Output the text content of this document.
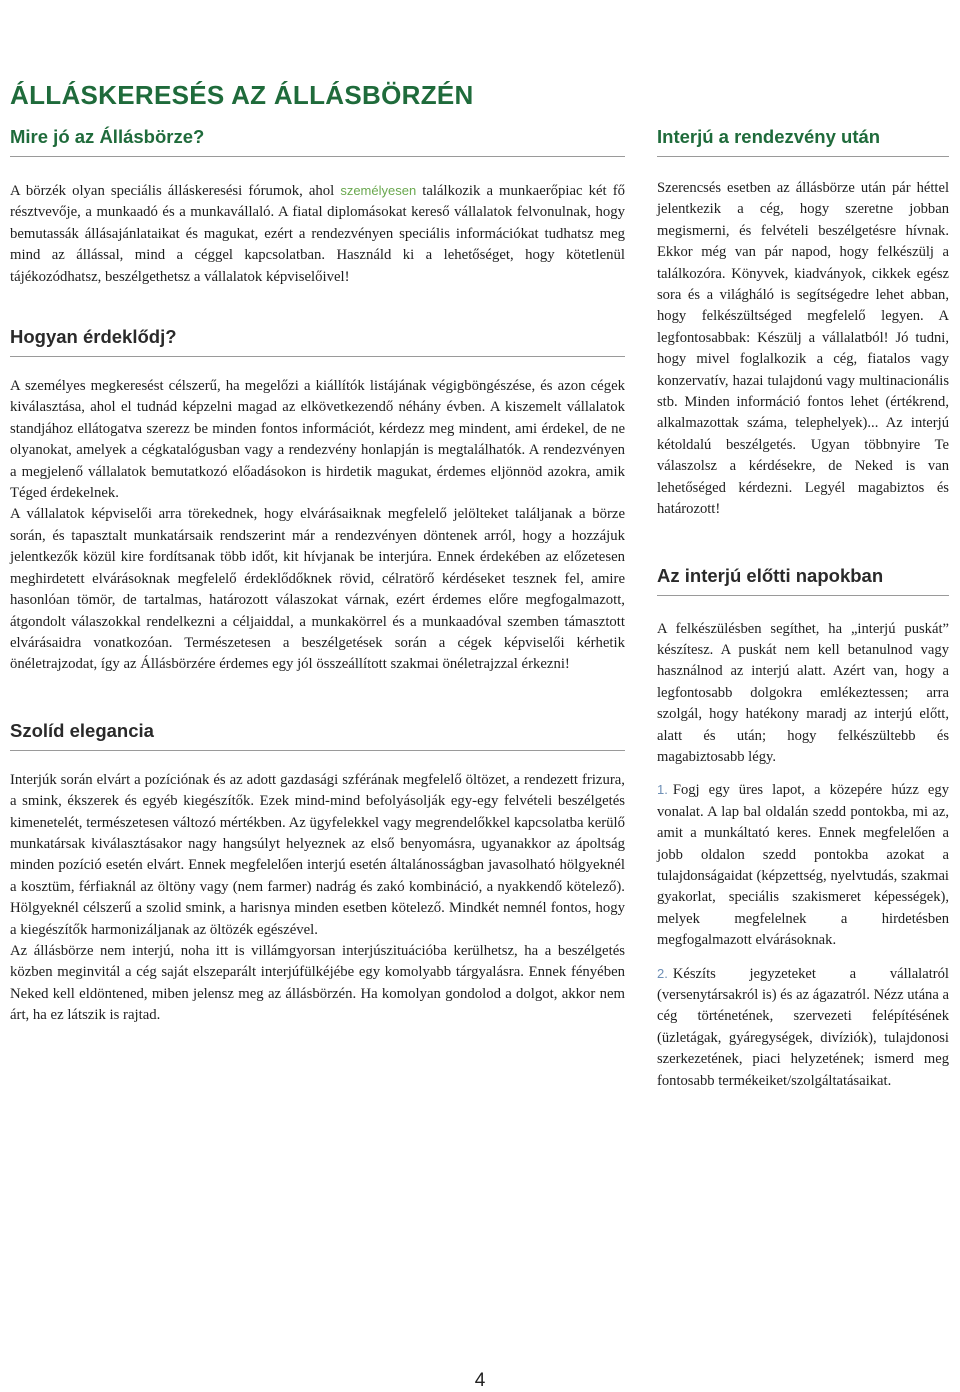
ÁLLÁSKERESÉS AZ ÁLLÁSBÖRZÉN
Mire jó az Állásbörze?

A börzék olyan speciális álláskeresési fórumok, ahol személyesen találkozik a munkaerőpiac két fő résztvevője, a munkaadó és a munkavállaló. A fiatal diplomásokat kereső vállalatok felvonulnak, hogy bemutassák állásajánlataikat és magukat, ezért a rendezvényen speciális információkat tudhatsz meg mind az állással, mind a céggel kapcsolatban. Használd ki a lehetőséget, hogy kötetlenül tájékozódhatsz, beszélgethetsz a vállalatok képviselőivel!

Hogyan érdeklődj?

A személyes megkeresést célszerű, ha megelőzi a kiállítók listájának végigböngészése, és azon cégek kiválasztása, ahol el tudnád képzelni magad az elkövetkezendő néhány évben. A kiszemelt vállalatok standjához ellátogatva szerezz be minden fontos információt, kérdezz meg mindent, ami érdekel, de ne olyanokat, amelyek a cégkatalógusban vagy a rendezvény honlapján is megtalálhatók. A rendezvényen a megjelenő vállalatok bemutatkozó előadásokon is hirdetik magukat, érdemes eljönnöd azokra, amik Téged érdekelnek.

A vállalatok képviselői arra törekednek, hogy elvárásaiknak megfelelő jelölteket találjanak a börze során, és tapasztalt munkatársaik rendszerint már a rendezvényen döntenek arról, hogy a hozzájuk jelentkezők közül kire fordítsanak több időt, kit hívjanak be interjúra. Ennek érdekében az előzetesen meghirdetett elvárásoknak megfelelő érdeklődőknek rövid, célratörő kérdéseket tesznek fel, amire hasonlóan tömör, de tartalmas, határozott válaszokat várnak, ezért érdemes előre megfogalmazott, átgondolt válaszokkal rendelkezni a céljaiddal, a munkakörrel és a munkaadóval szemben támasztott elvárásaidra vonatkozóan. Természetesen a beszélgetések során a cégek képviselői kérhetik önéletrajzodat, így az Állásbörzére érdemes egy jól összeállított szakmai önéletrajzzal érkezni!

Szolíd elegancia

Interjúk során elvárt a pozíciónak és az adott gazdasági szférának megfelelő öltözet, a rendezett frizura, a smink, ékszerek és egyéb kiegészítők. Ezek mind-mind befolyásolják egy-egy felvételi beszélgetés kimenetelét, természetesen változó mértékben. Az ügyfelekkel vagy megrendelőkkel kapcsolatba kerülő munkatársak kiválasztásakor nagy hangsúlyt helyeznek az első benyomásra, ugyanakkor az ápoltság minden pozíció esetén elvárt. Ennek megfelelően interjú esetén általánosságban javasolható hölgyeknél a kosztüm, férfiaknál az öltöny vagy (nem farmer) nadrág és zakó kombináció, a nyakkendő kötelező). Hölgyeknél célszerű a szolid smink, a harisnya minden esetben kötelező. Mindkét nemnél fontos, hogy a kiegészítők harmonizáljanak az öltözék egészével.

Az állásbörze nem interjú, noha itt is villámgyorsan interjúszituációba kerülhetsz, ha a beszélgetés közben meginvitál a cég saját elszeparált interjúfülkéjébe egy komolyabb tárgyalásra. Ennek fényében Neked kell eldöntened, miben jelensz meg az állásbörzén. Ha komolyan gondolod a dolgot, akkor nem árt, ha ez látszik is rajtad.

Interjú a rendezvény után

Szerencsés esetben az állásbörze után pár héttel jelentkezik a cég, hogy szeretne jobban megismerni, és felvételi beszélgetésre hívnak. Ekkor még van pár napod, hogy felkészülj a találkozóra. Könyvek, kiadványok, cikkek egész sora és a világháló is segítségedre lehet abban, hogy felkészültséged megfelelő legyen. A legfontosabbak: Készülj a vállalatból! Jó tudni, hogy mivel foglalkozik a cég, fiatalos vagy konzervatív, hazai tulajdonú vagy multinacionális stb. Minden információ fontos lehet (értékrend, alkalmazottak száma, telephelyek)... Az interjú kétoldalú beszélgetés. Ugyan többnyire Te válaszolsz a kérdésekre, de Neked is van lehetőséged kérdezni. Legyél magabiztos és határozott!

Az interjú előtti napokban

A felkészülésben segíthet, ha „interjú puskát” készítesz. A puskát nem kell betanulnod vagy használnod az interjú alatt. Azért van, hogy a legfontosabb dolgokra emlékeztessen; arra szolgál, hogy hatékony maradj az interjú előtt, alatt és után; hogy felkészültebb és magabiztosabb légy.

1. Fogj egy üres lapot, a közepére húzz egy vonalat. A lap bal oldalán szedd pontokba, mi az, amit a munkáltató keres. Ennek megfelelően a jobb oldalon szedd pontokba azokat a tulajdonságaidat (képzettség, nyelvtudás, szakmai gyakorlat, speciális szakismeret képességek), melyek megfelelnek a hirdetésben megfogalmazott elvárásoknak.

2. Készíts jegyzeteket a vállalatról (versenytársakról is) és az ágazatról. Nézz utána a cég történetének, szervezeti felépítésének (üzletágak, gyáregységek, divíziók), tulajdonosi szerkezetének, piaci helyzetének; ismerd meg fontosabb termékeiket/szolgáltatásaikat.

4
